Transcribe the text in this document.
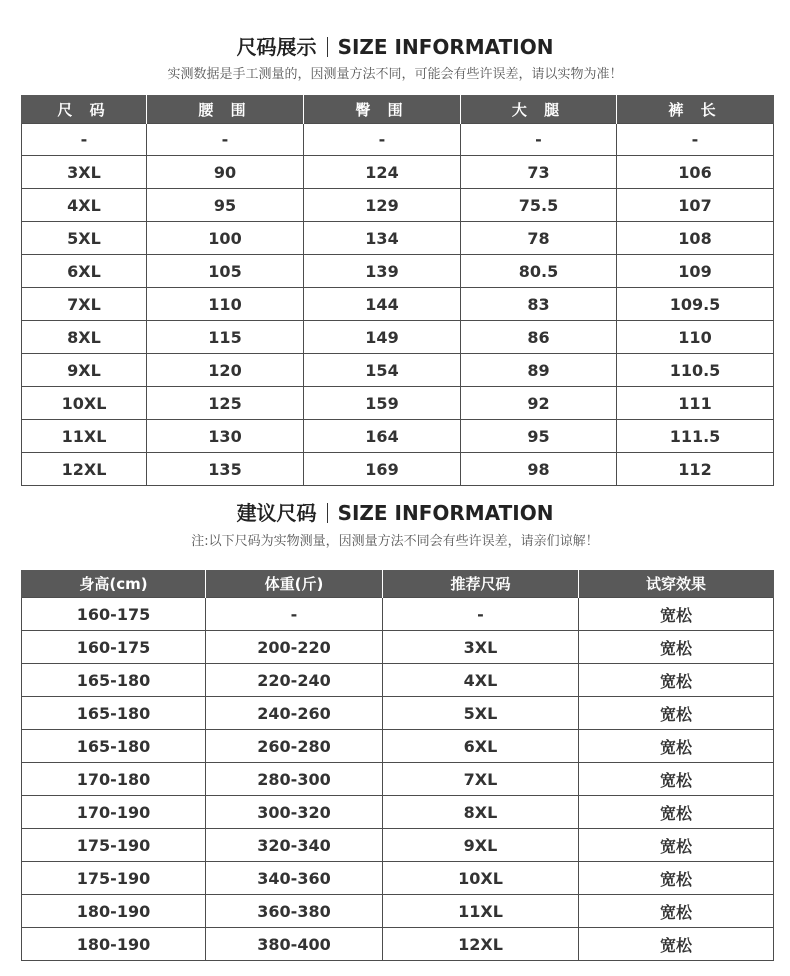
尺码展示 SIZE INFORMATION
实测数据是手工测量的，因测量方法不同，可能会有些许误差，请以实物为准！
尺 码	腰 围	臀 围	大 腿	裤 长
-	-	-	-	-
3XL	90	124	73	106
4XL	95	129	75.5	107
5XL	100	134	78	108
6XL	105	139	80.5	109
7XL	110	144	83	109.5
8XL	115	149	86	110
9XL	120	154	89	110.5
10XL	125	159	92	111
11XL	130	164	95	111.5
12XL	135	169	98	112
建议尺码 SIZE INFORMATION
注:以下尺码为实物测量，因测量方法不同会有些许误差，请亲们谅解！
身高(cm)	体重(斤)	推荐尺码	试穿效果
160-175	-	-	宽松
160-175	200-220	3XL	宽松
165-180	220-240	4XL	宽松
165-180	240-260	5XL	宽松
165-180	260-280	6XL	宽松
170-180	280-300	7XL	宽松
170-190	300-320	8XL	宽松
175-190	320-340	9XL	宽松
175-190	340-360	10XL	宽松
180-190	360-380	11XL	宽松
180-190	380-400	12XL	宽松
